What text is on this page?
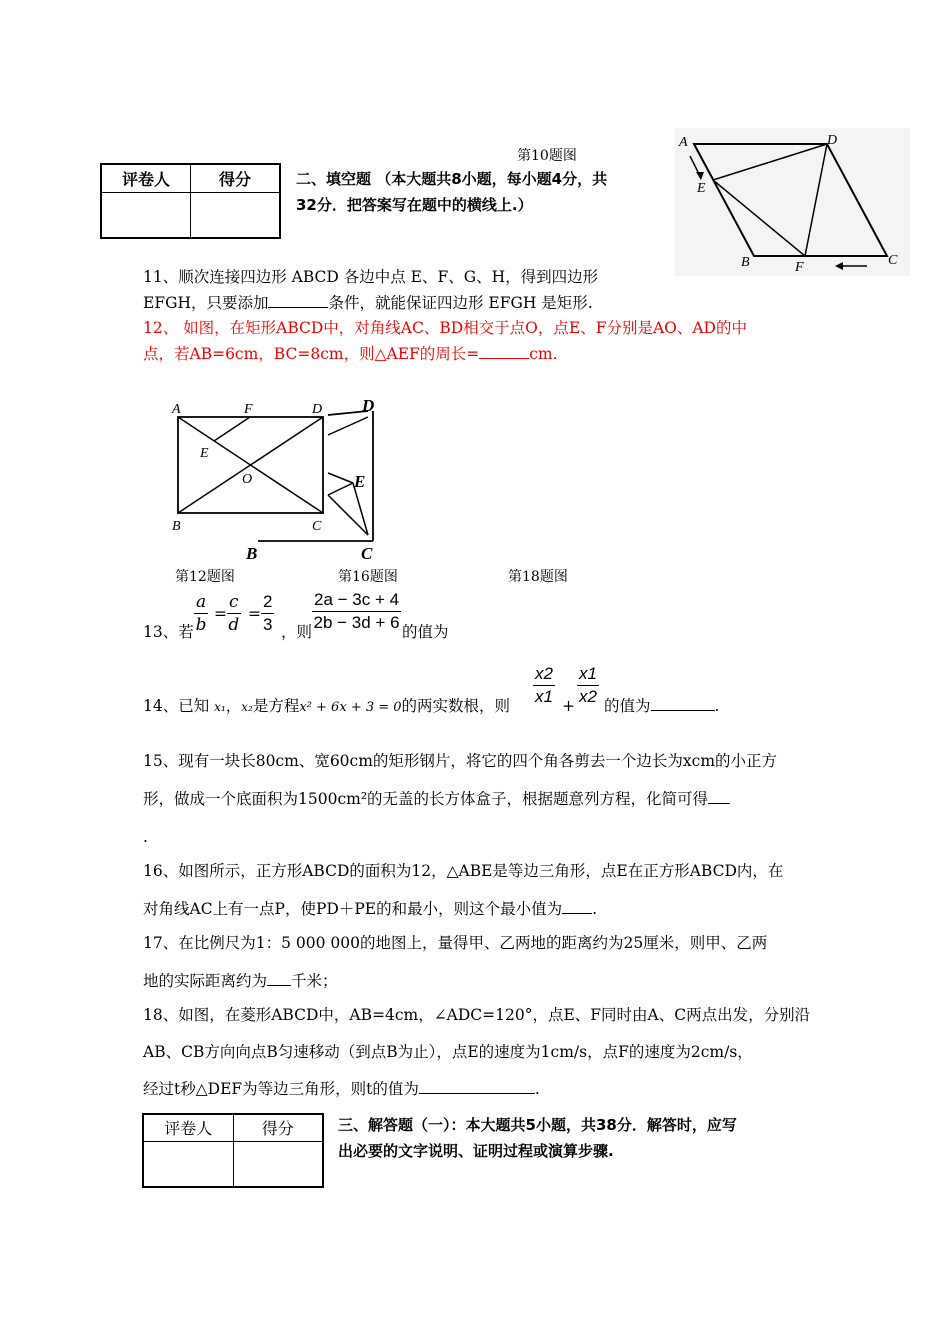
第10题图
评卷人	得分
		二、填空题 （本大题共8小题，每小题4分，共
32分．把答案写在题中的横线上.）
A	D
E
B	F	C
11、顺次连接四边形 ABCD 各边中点 E、F、G、H，得到四边形
EFGH，只要添加	条件，就能保证四边形 EFGH 是矩形.
12、 如图，在矩形ABCD中，对角线AC、BD相交于点O，点E、F分别是AO、AD的中
点，若AB=6cm，BC=8cm，则△AEF的周长=	cm.
A	F	D
E
O
B	C
D
E
B	C
第12题图	第16题图	第18题图
13、若 $\frac{a}{b} = \frac{c}{d} = \frac{2}{3}$ ，则 $\frac{2a - 3c + 4}{2b - 3d + 6}$ 的值为
14、已知 x₁，x₂是方程x² + 6x + 3 = 0的两实数根，则 $\frac{x2}{x1} + \frac{x1}{x2}$ 的值为	.
15、现有一块长80cm、宽60cm的矩形钢片，将它的四个角各剪去一个边长为xcm的小正方
形，做成一个底面积为1500cm²的无盖的长方体盒子，根据题意列方程，化简可得
.
16、如图所示，正方形ABCD的面积为12，△ABE是等边三角形，点E在正方形ABCD内，在
对角线AC上有一点P，使PD＋PE的和最小，则这个最小值为 .
17、在比例尺为1：5 000 000的地图上，量得甲、乙两地的距离约为25厘米，则甲、乙两
地的实际距离约为 千米；
18、如图，在菱形ABCD中，AB=4cm，∠ADC=120°，点E、F同时由A、C两点出发，分别沿
AB、CB方向向点B匀速移动（到点B为止），点E的速度为1cm/s，点F的速度为2cm/s，
经过t秒△DEF为等边三角形，则t的值为	.
评卷人	得分
		三、解答题（一）：本大题共5小题，共38分．解答时，应写
出必要的文字说明、证明过程或演算步骤.
